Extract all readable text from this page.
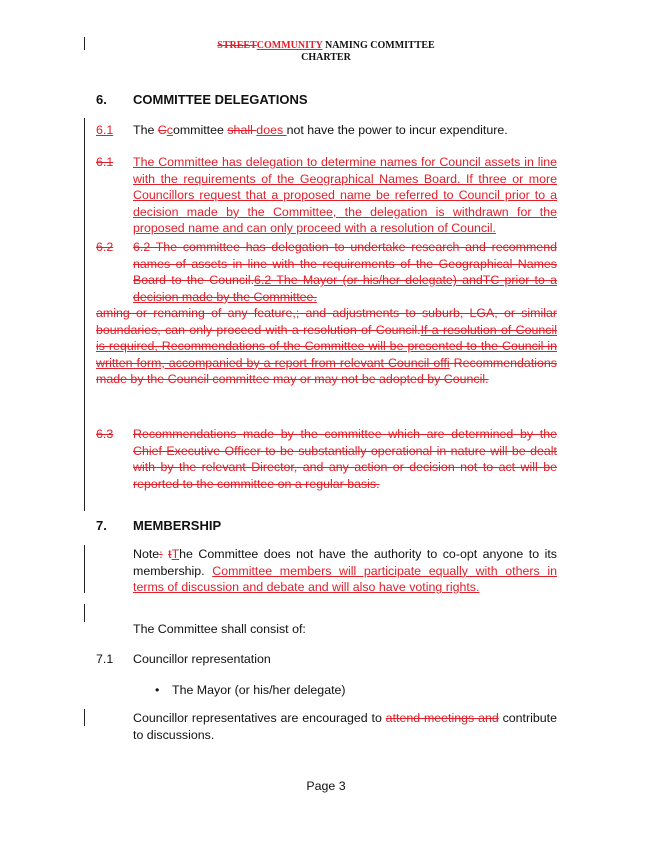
STREETCOMMUNITY NAMING COMMITTEE
CHARTER
6. COMMITTEE DELEGATIONS
6.1 The Ccommittee shall does not have the power to incur expenditure.
6.1 The Committee has delegation to determine names for Council assets in line with the requirements of the Geographical Names Board. If three or more Councillors request that a proposed name be referred to Council prior to a decision made by the Committee, the delegation is withdrawn for the proposed name and can only proceed with a resolution of Council.
6.2 6.2 The committee has delegation to undertake research and recommend names of assets in line with the requirements of the Geographical Names Board to the Council.6.2 The Mayor (or his/her delegate) andTC prior to a decision made by the Committee.
aming or renaming of any feature,; and adjustments to suburb, LGA, or similar boundaries, can only proceed with a resolution of Council.If a resolution of Council is required, Recommendations of the Committee will be presented to the Council in written form, accompanied by a report from relevant Council offi Recommendations made by the Council committee may or may not be adopted by Council.
6.3 Recommendations made by the committee which are determined by the Chief Executive Officer to be substantially operational in nature will be dealt with by the relevant Director, and any action or decision not to act will be reported to the committee on a regular basis.
7. MEMBERSHIP
Note: tThe Committee does not have the authority to co-opt anyone to its membership. Committee members will participate equally with others in terms of discussion and debate and will also have voting rights.
The Committee shall consist of:
7.1 Councillor representation
• The Mayor (or his/her delegate)
Councillor representatives are encouraged to attend meetings and contribute to discussions.
Page 3
